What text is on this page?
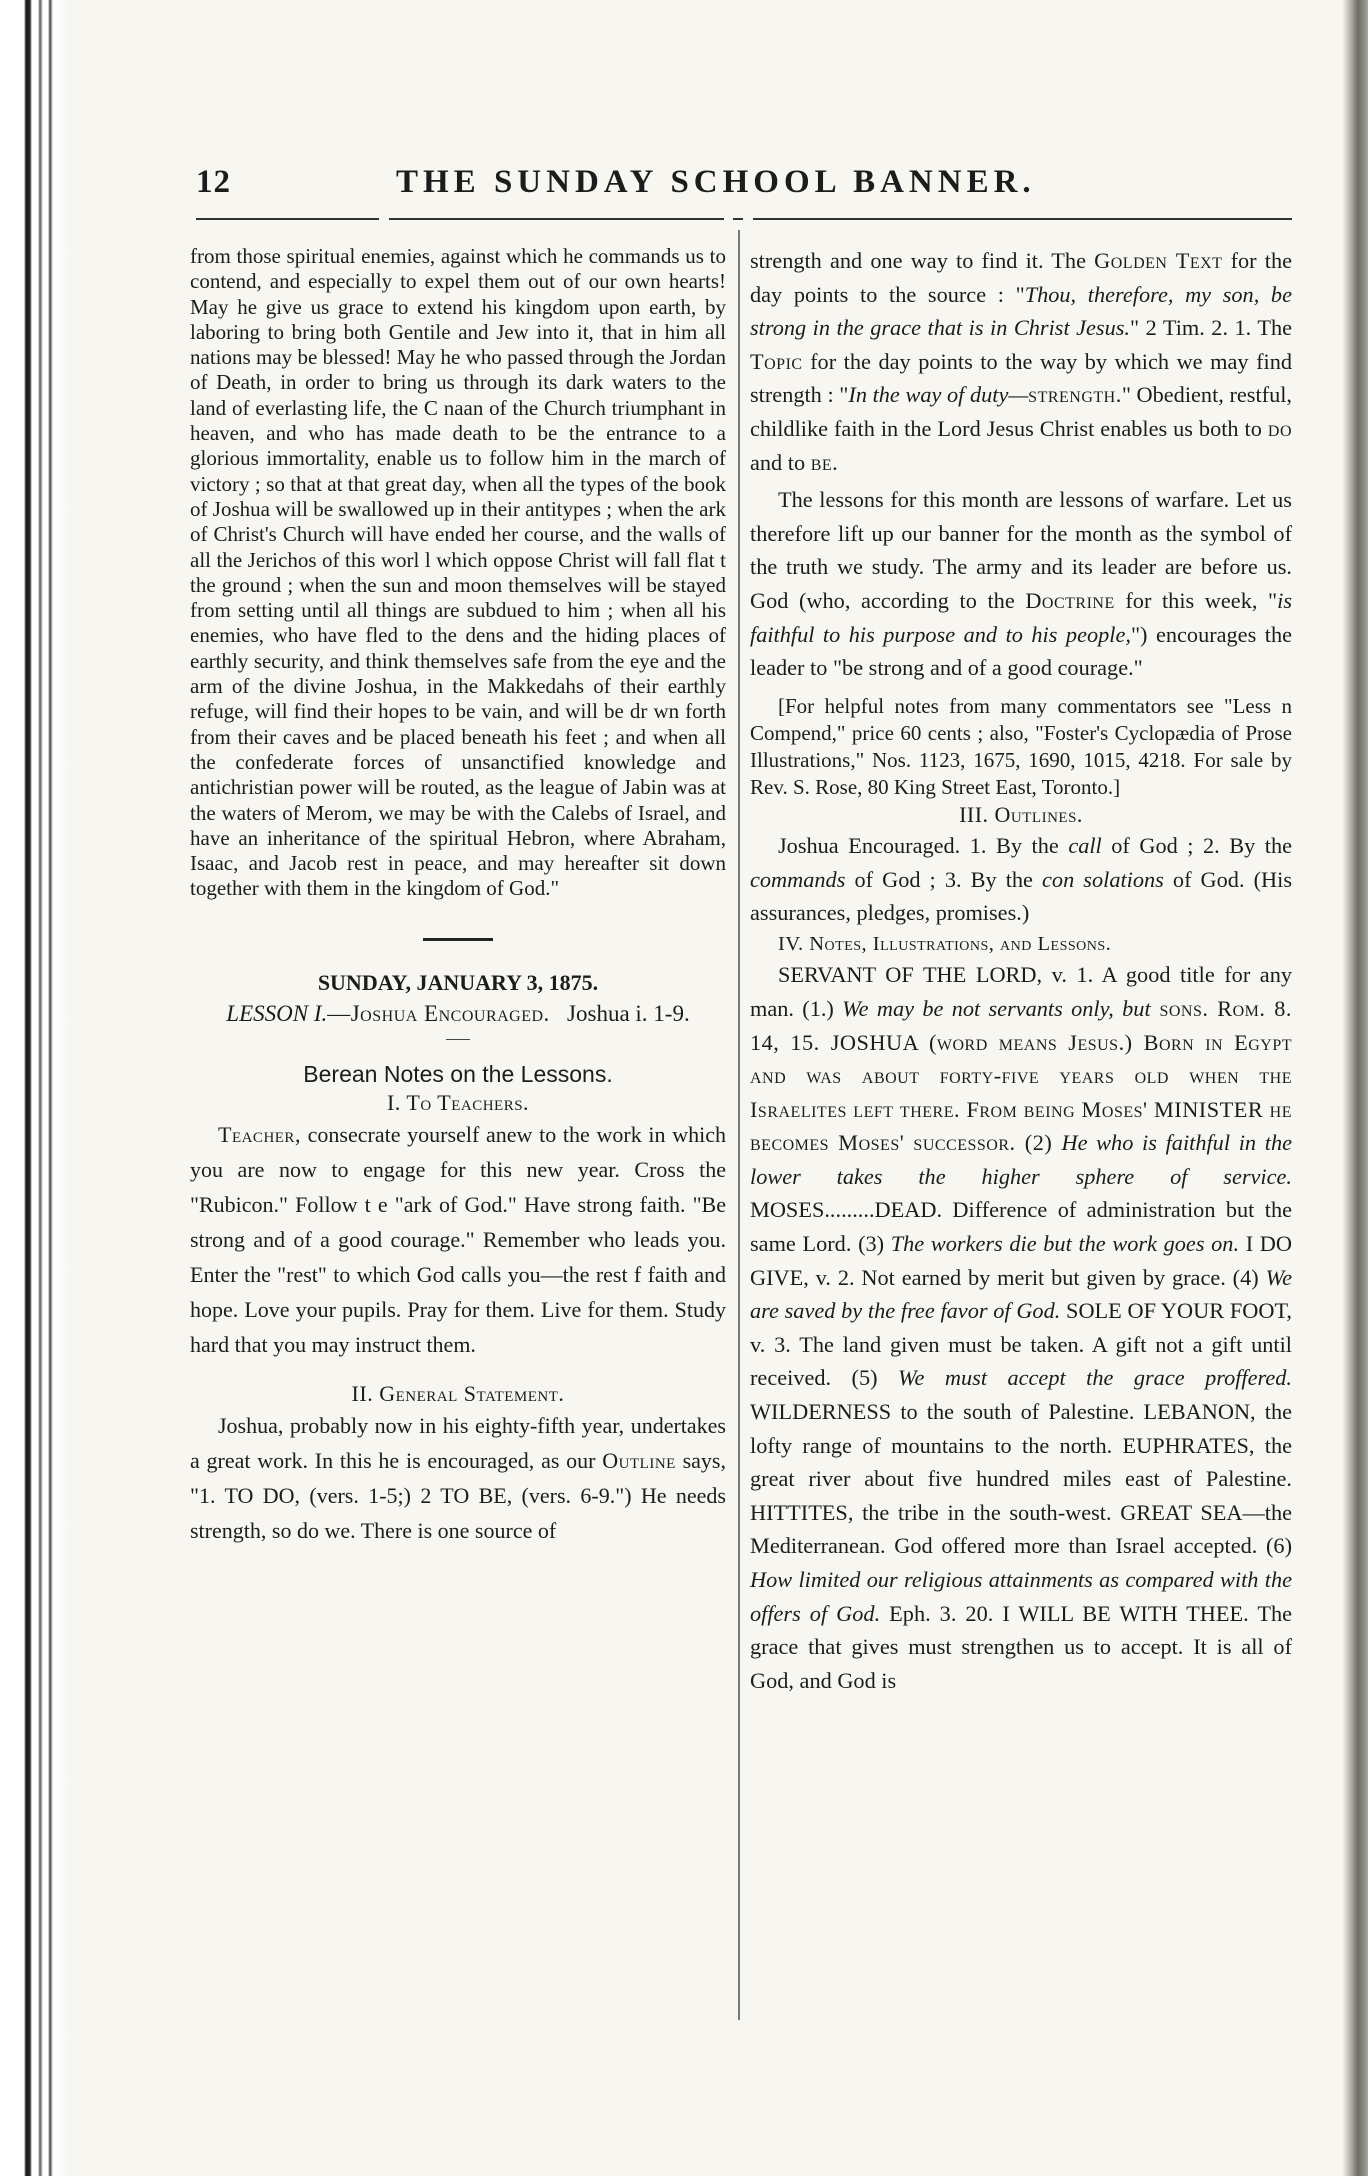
12	THE SUNDAY SCHOOL BANNER.

from those spiritual enemies, against which he commands us to contend, and especially to expel them out of our own hearts! May he give us grace to extend his kingdom upon earth, by laboring to bring both Gentile and Jew into it, that in him all nations may be blessed! May he who passed through the Jordan of Death, in order to bring us through its dark waters to the land of everlasting life, the C naan of the Church triumphant in heaven, and who has made death to be the entrance to a glorious immortality, enable us to follow him in the march of victory ; so that at that great day, when all the types of the book of Joshua will be swallowed up in their antitypes ; when the ark of Christ's Church will have ended her course, and the walls of all the Jerichos of this worl l which oppose Christ will fall flat t the ground ; when the sun and moon themselves will be stayed from setting until all things are subdued to him ; when all his enemies, who have fled to the dens and the hiding places of earthly security, and think themselves safe from the eye and the arm of the divine Joshua, in the Makkedahs of their earthly refuge, will find their hopes to be vain, and will be dr wn forth from their caves and be placed beneath his feet ; and when all the confederate forces of unsanctified knowledge and antichristian power will be routed, as the league of Jabin was at the waters of Merom, we may be with the Calebs of Israel, and have an inheritance of the spiritual Hebron, where Abraham, Isaac, and Jacob rest in peace, and may hereafter sit down together with them in the kingdom of God."

SUNDAY, JANUARY 3, 1875.

LESSON I.—Joshua Encouraged. Joshua i. 1-9.

Berean Notes on the Lessons.

I. To Teachers.

Teacher, consecrate yourself anew to the work in which you are now to engage for this new year. Cross the "Rubicon." Follow t e "ark of God." Have strong faith. "Be strong and of a good courage." Remember who leads you. Enter the "rest" to which God calls you—the rest f faith and hope. Love your pupils. Pray for them. Live for them. Study hard that you may instruct them.

II. General Statement.

Joshua, probably now in his eighty-fifth year, undertakes a great work. In this he is encouraged, as our Outline says, "1. TO DO, (vers. 1-5;) 2 TO BE, (vers. 6-9.") He needs strength, so do we. There is one source of

strength and one way to find it. The Golden Text for the day points to the source : "Thou, therefore, my son, be strong in the grace that is in Christ Jesus." 2 Tim. 2. 1. The Topic for the day points to the way by which we may find strength : "In the way of duty—strength." Obedient, restful, childlike faith in the Lord Jesus Christ enables us both to do and to be.

The lessons for this month are lessons of warfare. Let us therefore lift up our banner for the month as the symbol of the truth we study. The army and its leader are before us. God (who, according to the Doctrine for this week, "is faithful to his purpose and to his people,") encourages the leader to "be strong and of a good courage."

[For helpful notes from many commentators see "Less n Compend," price 60 cents ; also, "Foster's Cyclopædia of Prose Illustrations," Nos. 1123, 1675, 1690, 1015, 4218. For sale by Rev. S. Rose, 80 King Street East, Toronto.]

III. Outlines.

Joshua Encouraged. 1. By the call of God ; 2. By the commands of God ; 3. By the con solations of God. (His assurances, pledges, promises.)

IV. Notes, Illustrations, and Lessons.

SERVANT OF THE LORD, v. 1. A good title for any man. (1.) We may be not servants only, but sons. Rom. 8. 14, 15. JOSHUA (word means Jesus.) Born in Egypt and was about forty-five years old when the Israelites left there. From being Moses' MINISTER he becomes Moses' successor. (2) He who is faithful in the lower takes the higher sphere of service. MOSES.........DEAD. Difference of administration but the same Lord. (3) The workers die but the work goes on. I DO GIVE, v. 2. Not earned by merit but given by grace. (4) We are saved by the free favor of God. SOLE OF YOUR FOOT, v. 3. The land given must be taken. A gift not a gift until received. (5) We must accept the grace proffered. WILDERNESS to the south of Palestine. LEBANON, the lofty range of mountains to the north. EUPHRATES, the great river about five hundred miles east of Palestine. HITTITES, the tribe in the south-west. GREAT SEA—the Mediterranean. God offered more than Israel accepted. (6) How limited our religious attainments as compared with the offers of God. Eph. 3. 20. I WILL BE WITH THEE. The grace that gives must strengthen us to accept. It is all of God, and God is
